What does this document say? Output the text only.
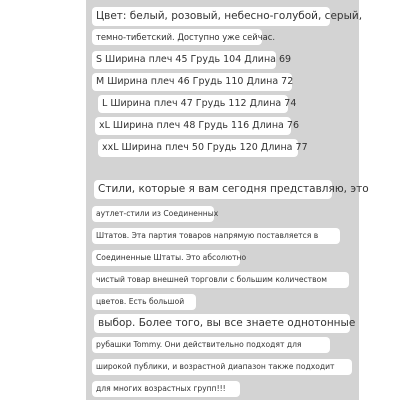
Цвет: белый, розовый, небесно-голубой, серый,
темно-тибетский. Доступно уже сейчас.
S Ширина плеч 45 Грудь 104 Длина 69
M Ширина плеч 46 Грудь 110 Длина 72
L Ширина плеч 47 Грудь 112 Длина 74
xL Ширина плеч 48 Грудь 116 Длина 76
xxL Ширина плеч 50 Грудь 120 Длина 77
Стили, которые я вам сегодня представляю, это
аутлет-стили из Соединенных
Штатов. Эта партия товаров напрямую поставляется в
Соединенные Штаты. Это абсолютно
чистый товар внешней торговли с большим количеством
цветов. Есть большой
выбор. Более того, вы все знаете однотонные
рубашки Tommy. Они действительно подходят для
широкой публики, и возрастной диапазон также подходит
для многих возрастных групп!!!
